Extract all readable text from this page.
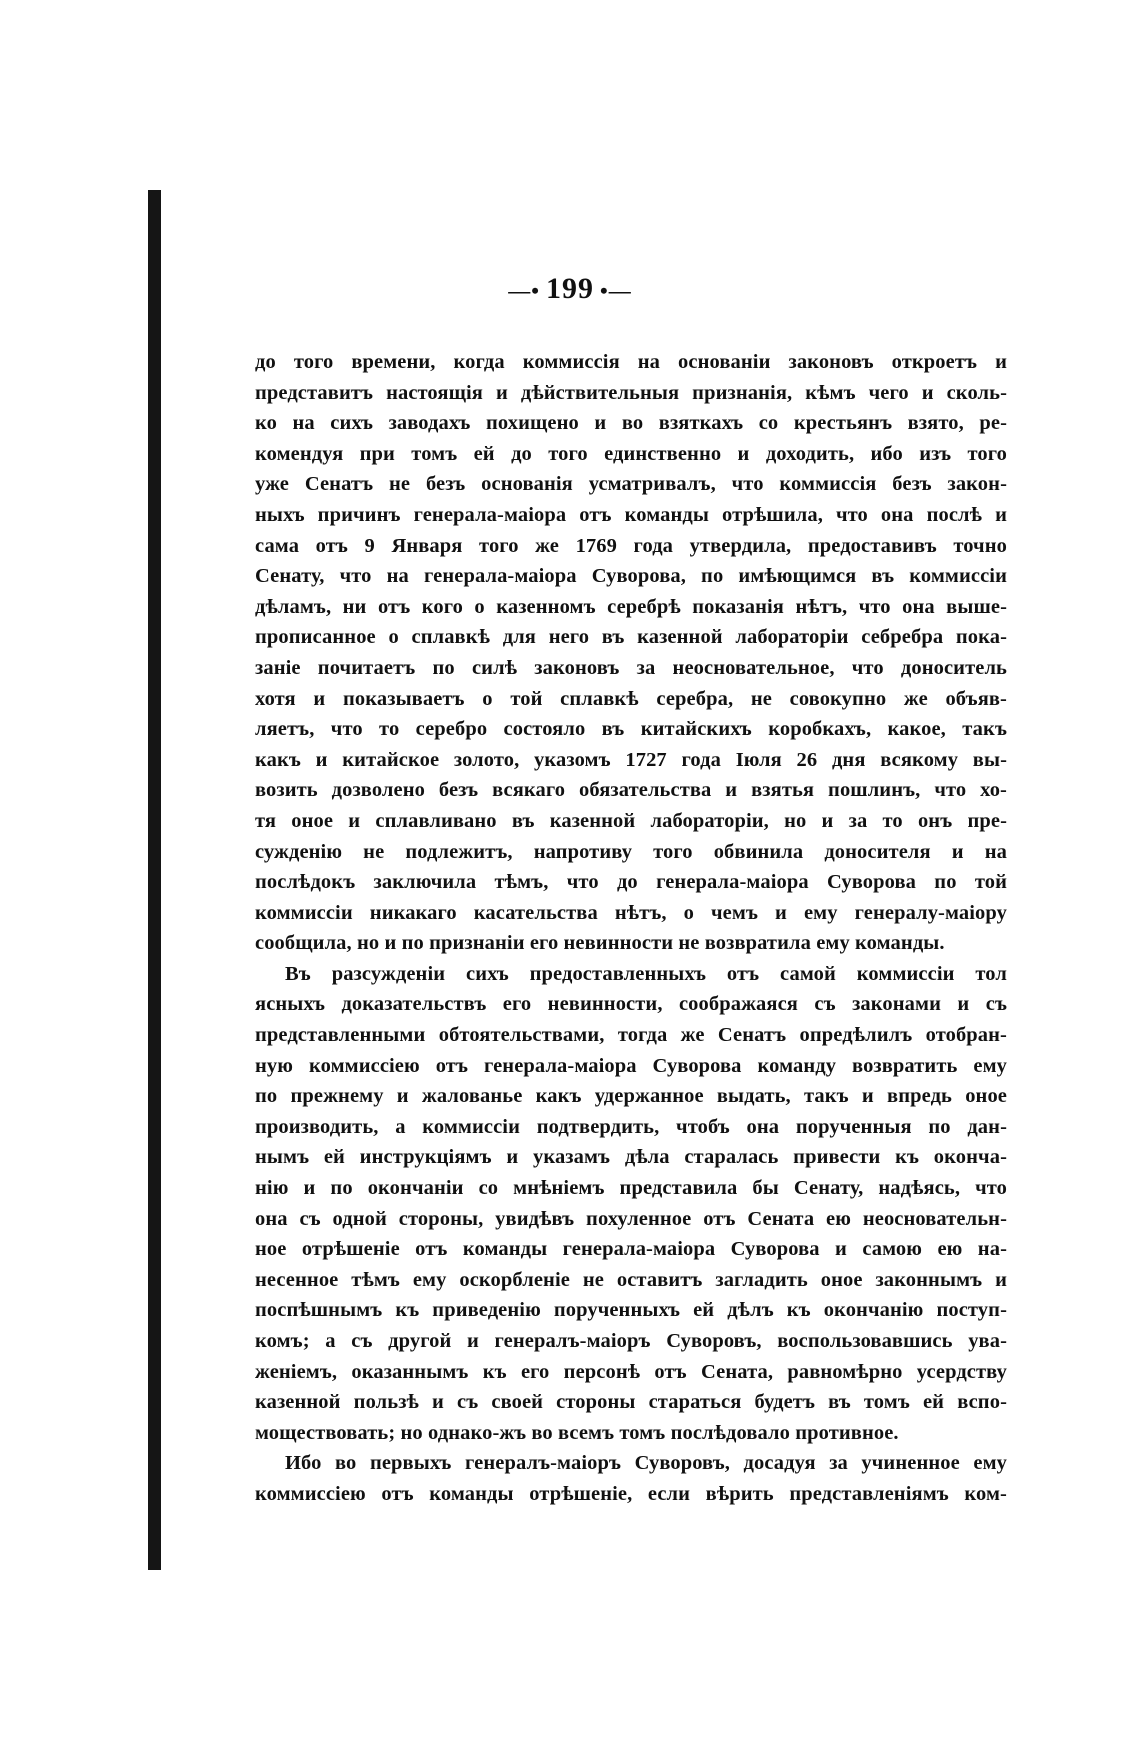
—• 199 •—
до того времени, когда коммиссія на основаніи законовъ откроетъ и
представитъ настоящія и дѣйствительныя признанія, кѣмъ чего и сколь-
ко на сихъ заводахъ похищено и во взяткахъ со крестьянъ взято, ре-
комендуя при томъ ей до того единственно и доходить, ибо изъ того
уже Сенатъ не безъ основанія усматривалъ, что коммиссія безъ закон-
ныхъ причинъ генерала-маіора отъ команды отрѣшила, что она послѣ и
сама отъ 9 Января того же 1769 года утвердила, предоставивъ точно
Сенату, что на генерала-маіора Суворова, по имѣющимся въ коммиссіи
дѣламъ, ни отъ кого о казенномъ серебрѣ показанія нѣтъ, что она выше-
прописанное о сплавкѣ для него въ казенной лабораторіи себребра пока-
заніе почитаетъ по силѣ законовъ за неосновательное, что доноситель
хотя и показываетъ о той сплавкѣ серебра, не совокупно же объяв-
ляетъ, что то серебро состояло въ китайскихъ коробкахъ, какое, такъ
какъ и китайское золото, указомъ 1727 года Іюля 26 дня всякому вы-
возить дозволено безъ всякаго обязательства и взятья пошлинъ, что хо-
тя оное и сплавливано въ казенной лабораторіи, но и за то онъ пре-
сужденію не подлежитъ, напротиву того обвинила доносителя и на
послѣдокъ заключила тѣмъ, что до генерала-маіора Суворова по той
коммиссіи никакаго касательства нѣтъ, о чемъ и ему генералу-маіору
сообщила, но и по признаніи его невинности не возвратила ему команды.
Въ разсужденіи сихъ предоставленныхъ отъ самой коммиссіи тол
ясныхъ доказательствъ его невинности, соображаяся съ законами и съ
представленными обтоятельствами, тогда же Сенатъ опредѣлилъ отобран-
ную коммиссіею отъ генерала-маіора Суворова команду возвратить ему
по прежнему и жалованье какъ удержанное выдать, такъ и впредь оное
производить, а коммиссіи подтвердить, чтобъ она порученныя по дан-
нымъ ей инструкціямъ и указамъ дѣла старалась привести къ оконча-
нію и по окончаніи со мнѣніемъ представила бы Сенату, надѣясь, что
она съ одной стороны, увидѣвъ похуленное отъ Сената ею неосновательн-
ное отрѣшеніе отъ команды генерала-маіора Суворова и самою ею на-
несенное тѣмъ ему оскорбленіе не оставитъ загладить оное законнымъ и
поспѣшнымъ къ приведенію порученныхъ ей дѣлъ къ окончанію поступ-
комъ; а съ другой и генералъ-маіоръ Суворовъ, воспользовавшись ува-
женіемъ, оказаннымъ къ его персонѣ отъ Сената, равномѣрно усердству
казенной пользѣ и съ своей стороны стараться будетъ въ томъ ей вспо-
моществовать; но однако-жъ во всемъ томъ послѣдовало противное.
Ибо во первыхъ генералъ-маіоръ Суворовъ, досадуя за учиненное ему
коммиссіею отъ команды отрѣшеніе, если вѣрить представленіямъ ком-
